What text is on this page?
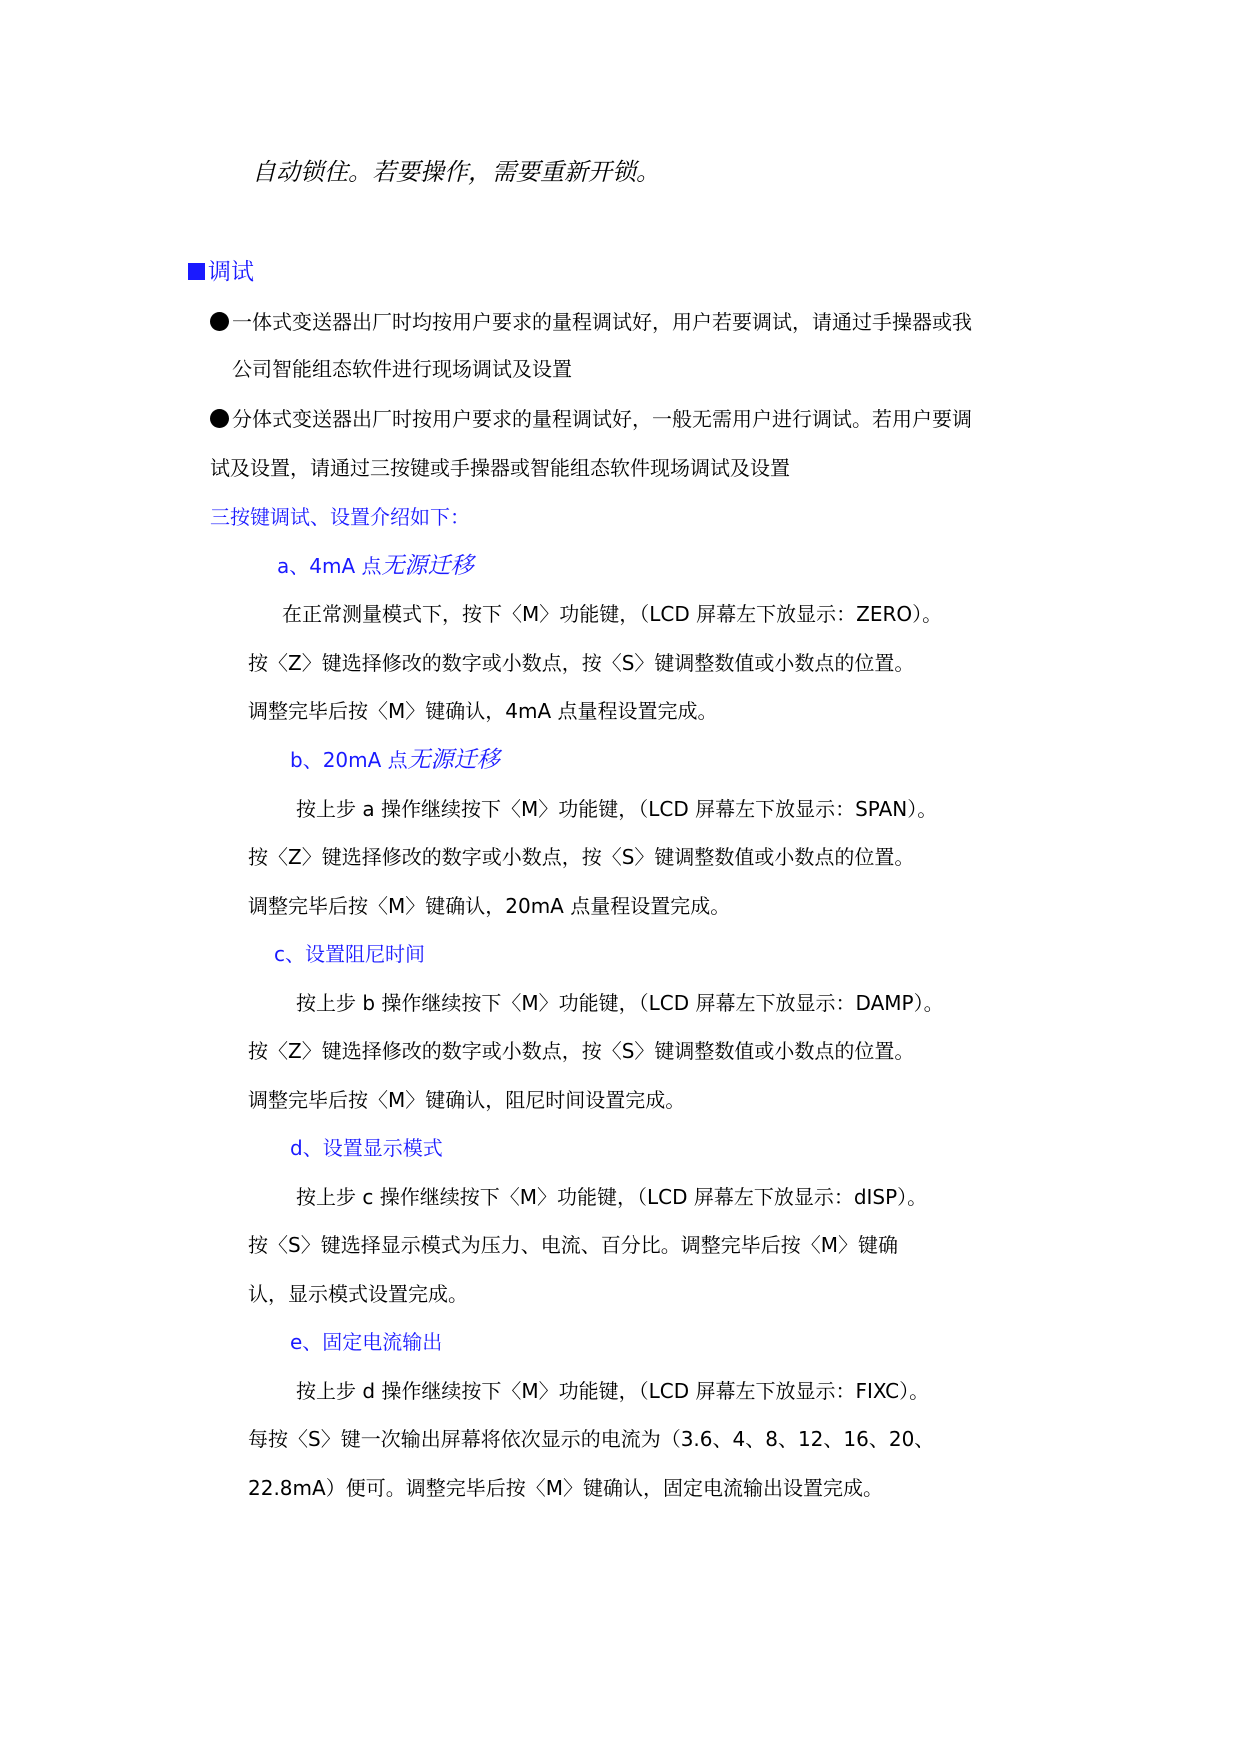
自动锁住。若要操作，需要重新开锁。
调试
一体式变送器出厂时均按用户要求的量程调试好，用户若要调试，请通过手操器或我
公司智能组态软件进行现场调试及设置
分体式变送器出厂时按用户要求的量程调试好，一般无需用户进行调试。若用户要调
试及设置，请通过三按键或手操器或智能组态软件现场调试及设置
三按键调试、设置介绍如下：
a、4mA 点无源迁移
在正常测量模式下，按下〈M〉功能键，（LCD 屏幕左下放显示：ZERO）。
按〈Z〉键选择修改的数字或小数点，按〈S〉键调整数值或小数点的位置。
调整完毕后按〈M〉键确认，4mA 点量程设置完成。
b、20mA 点无源迁移
按上步 a 操作继续按下〈M〉功能键，（LCD 屏幕左下放显示：SPAN）。
按〈Z〉键选择修改的数字或小数点，按〈S〉键调整数值或小数点的位置。
调整完毕后按〈M〉键确认，20mA 点量程设置完成。
c、设置阻尼时间
按上步 b 操作继续按下〈M〉功能键，（LCD 屏幕左下放显示：DAMP）。
按〈Z〉键选择修改的数字或小数点，按〈S〉键调整数值或小数点的位置。
调整完毕后按〈M〉键确认，阻尼时间设置完成。
d、设置显示模式
按上步 c 操作继续按下〈M〉功能键，（LCD 屏幕左下放显示：dISP）。
按〈S〉键选择显示模式为压力、电流、百分比。调整完毕后按〈M〉键确
认，显示模式设置完成。
e、固定电流输出
按上步 d 操作继续按下〈M〉功能键，（LCD 屏幕左下放显示：FIXC）。
每按〈S〉键一次输出屏幕将依次显示的电流为（3.6、4、8、12、16、20、
22.8mA）便可。调整完毕后按〈M〉键确认，固定电流输出设置完成。
